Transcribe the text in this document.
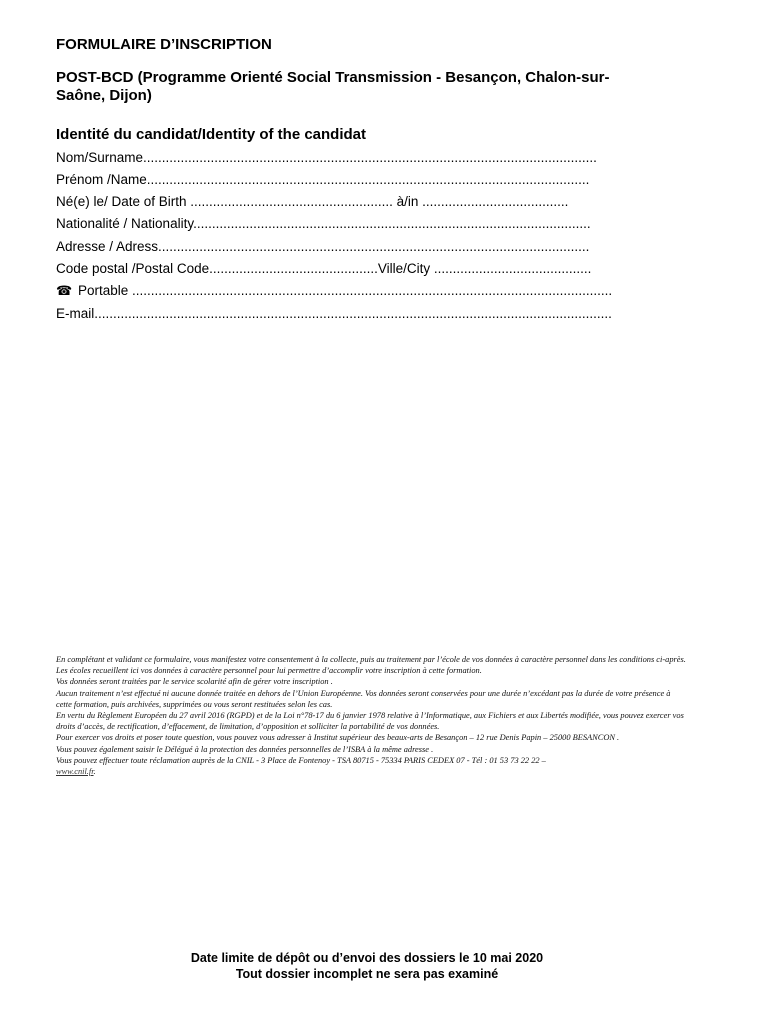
FORMULAIRE D’INSCRIPTION
POST-BCD (Programme Orienté Social Transmission - Besançon, Chalon-sur-Saône, Dijon)
Identité du candidat/Identity of the candidat
Nom/Surname.........................................................................................................................
Prénom /Name......................................................................................................................
Né(e) le/ Date of Birth ...................................................... à/in .......................................
Nationalité / Nationality..........................................................................................................
Adresse / Adress...................................................................................................................
Code postal /Postal Code.............................................Ville/City ..........................................
☎ Portable ................................................................................................................................
E-mail..........................................................................................................................................

En complétant et validant ce formulaire, vous manifestez votre consentement à la collecte, puis au traitement par l’école de vos données à caractère personnel dans les conditions ci-après.

Les écoles recueillent ici vos données à caractère personnel pour lui permettre d’accomplir votre inscription à cette formation.

Vos données seront traitées par le service scolarité afin de gérer votre inscription .

Aucun traitement n’est effectué ni aucune donnée traitée en dehors de l’Union Européenne. Vos données seront conservées pour une durée n’excédant pas la durée de votre présence à cette formation, puis archivées, supprimées ou vous seront restituées selon les cas.

En vertu du Règlement Européen du 27 avril 2016 (RGPD) et de la Loi n°78-17 du 6 janvier 1978 relative à l’Informatique, aux Fichiers et aux Libertés modifiée, vous pouvez exercer vos droits d’accès, de rectification, d’effacement, de limitation, d’opposition et solliciter la portabilité de vos données.

Pour exercer vos droits et poser toute question, vous pouvez vous adresser à Institut supérieur des beaux-arts de Besançon – 12 rue Denis Papin – 25000 BESANCON .

Vous pouvez également saisir le Délégué à la protection des données personnelles de l’ISBA à la même adresse .

Vous pouvez effectuer toute réclamation auprès de la CNIL - 3 Place de Fontenoy - TSA 80715 - 75334 PARIS CEDEX 07 - Tél : 01 53 73 22 22 –

www.cnil.fr.

Date limite de dépôt ou d’envoi des dossiers le 10 mai 2020
Tout dossier incomplet ne sera pas examiné
